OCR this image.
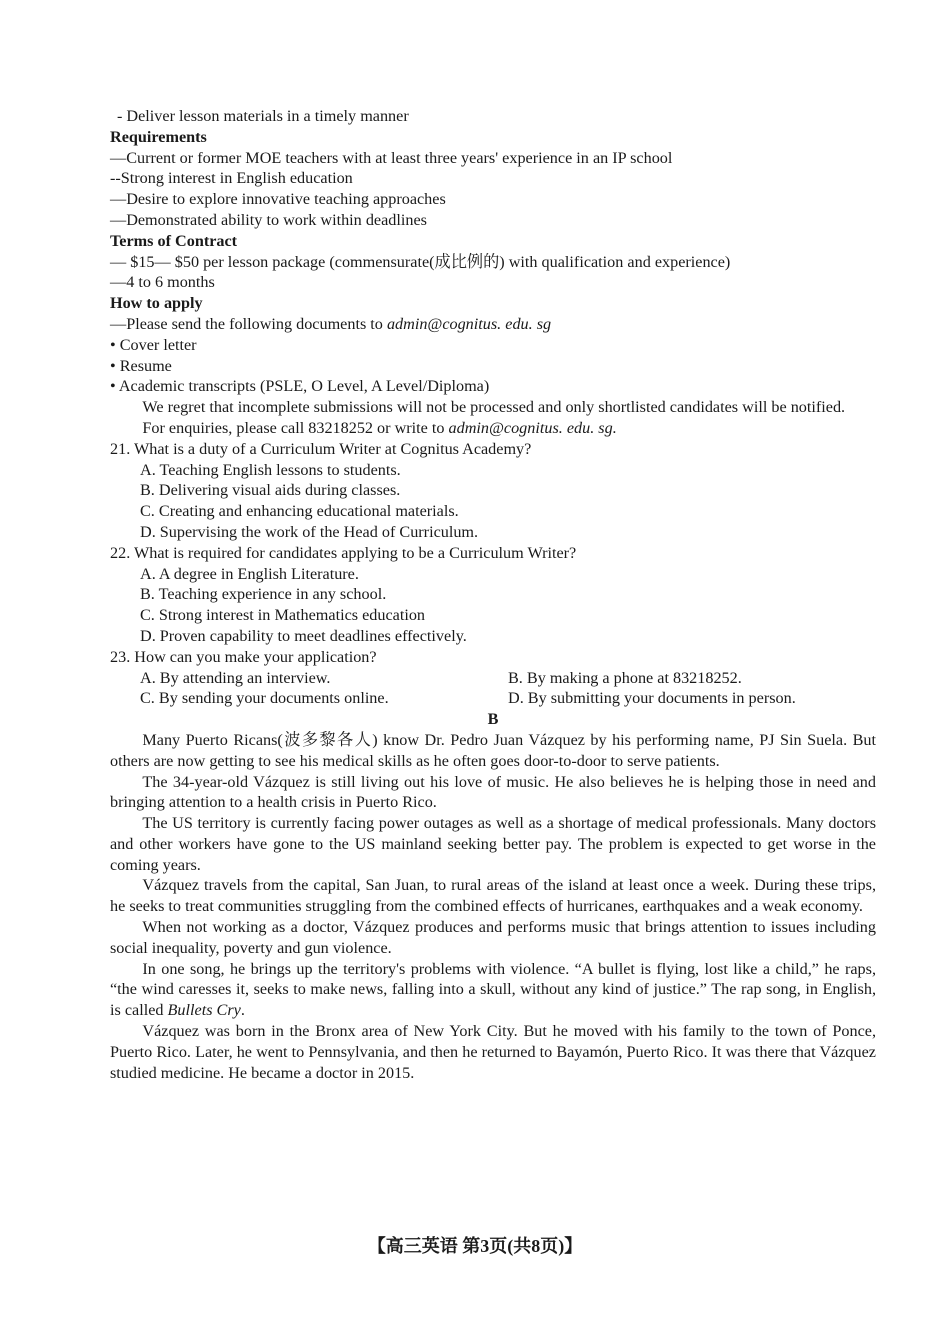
- Deliver lesson materials in a timely manner

Requirements

—Current or former MOE teachers with at least three years' experience in an IP school

--Strong interest in English education

—Desire to explore innovative teaching approaches

—Demonstrated ability to work within deadlines

Terms of Contract

— $15— $50 per lesson package (commensurate(成比例的) with qualification and experience)

—4 to 6 months

How to apply

—Please send the following documents to admin@cognitus. edu. sg

• Cover letter

• Resume

• Academic transcripts (PSLE, O Level, A Level/Diploma)

We regret that incomplete submissions will not be processed and only shortlisted candidates will be notified.

For enquiries, please call 83218252 or write to admin@cognitus. edu. sg.

21. What is a duty of a Curriculum Writer at Cognitus Academy?

A. Teaching English lessons to students.

B. Delivering visual aids during classes.

C. Creating and enhancing educational materials.

D. Supervising the work of the Head of Curriculum.

22. What is required for candidates applying to be a Curriculum Writer?

A. A degree in English Literature.

B. Teaching experience in any school.

C. Strong interest in Mathematics education

D. Proven capability to meet deadlines effectively.

23. How can you make your application?

A. By attending an interview.	B. By making a phone at 83218252.
C. By sending your documents online.	D. By submitting your documents in person.

B

Many Puerto Ricans(波多黎各人) know Dr. Pedro Juan Vázquez by his performing name, PJ Sin Suela. But others are now getting to see his medical skills as he often goes door-to-door to serve patients.

The 34-year-old Vázquez is still living out his love of music. He also believes he is helping those in need and bringing attention to a health crisis in Puerto Rico.

The US territory is currently facing power outages as well as a shortage of medical professionals. Many doctors and other workers have gone to the US mainland seeking better pay. The problem is expected to get worse in the coming years.

Vázquez travels from the capital, San Juan, to rural areas of the island at least once a week. During these trips, he seeks to treat communities struggling from the combined effects of hurricanes, earthquakes and a weak economy.

When not working as a doctor, Vázquez produces and performs music that brings attention to issues including social inequality, poverty and gun violence.

In one song, he brings up the territory's problems with violence. “A bullet is flying, lost like a child,” he raps, “the wind caresses it, seeks to make news, falling into a skull, without any kind of justice.” The rap song, in English, is called Bullets Cry.

Vázquez was born in the Bronx area of New York City. But he moved with his family to the town of Ponce, Puerto Rico. Later, he went to Pennsylvania, and then he returned to Bayamón, Puerto Rico. It was there that Vázquez studied medicine. He became a doctor in 2015.

【高三英语 第3页(共8页)】
